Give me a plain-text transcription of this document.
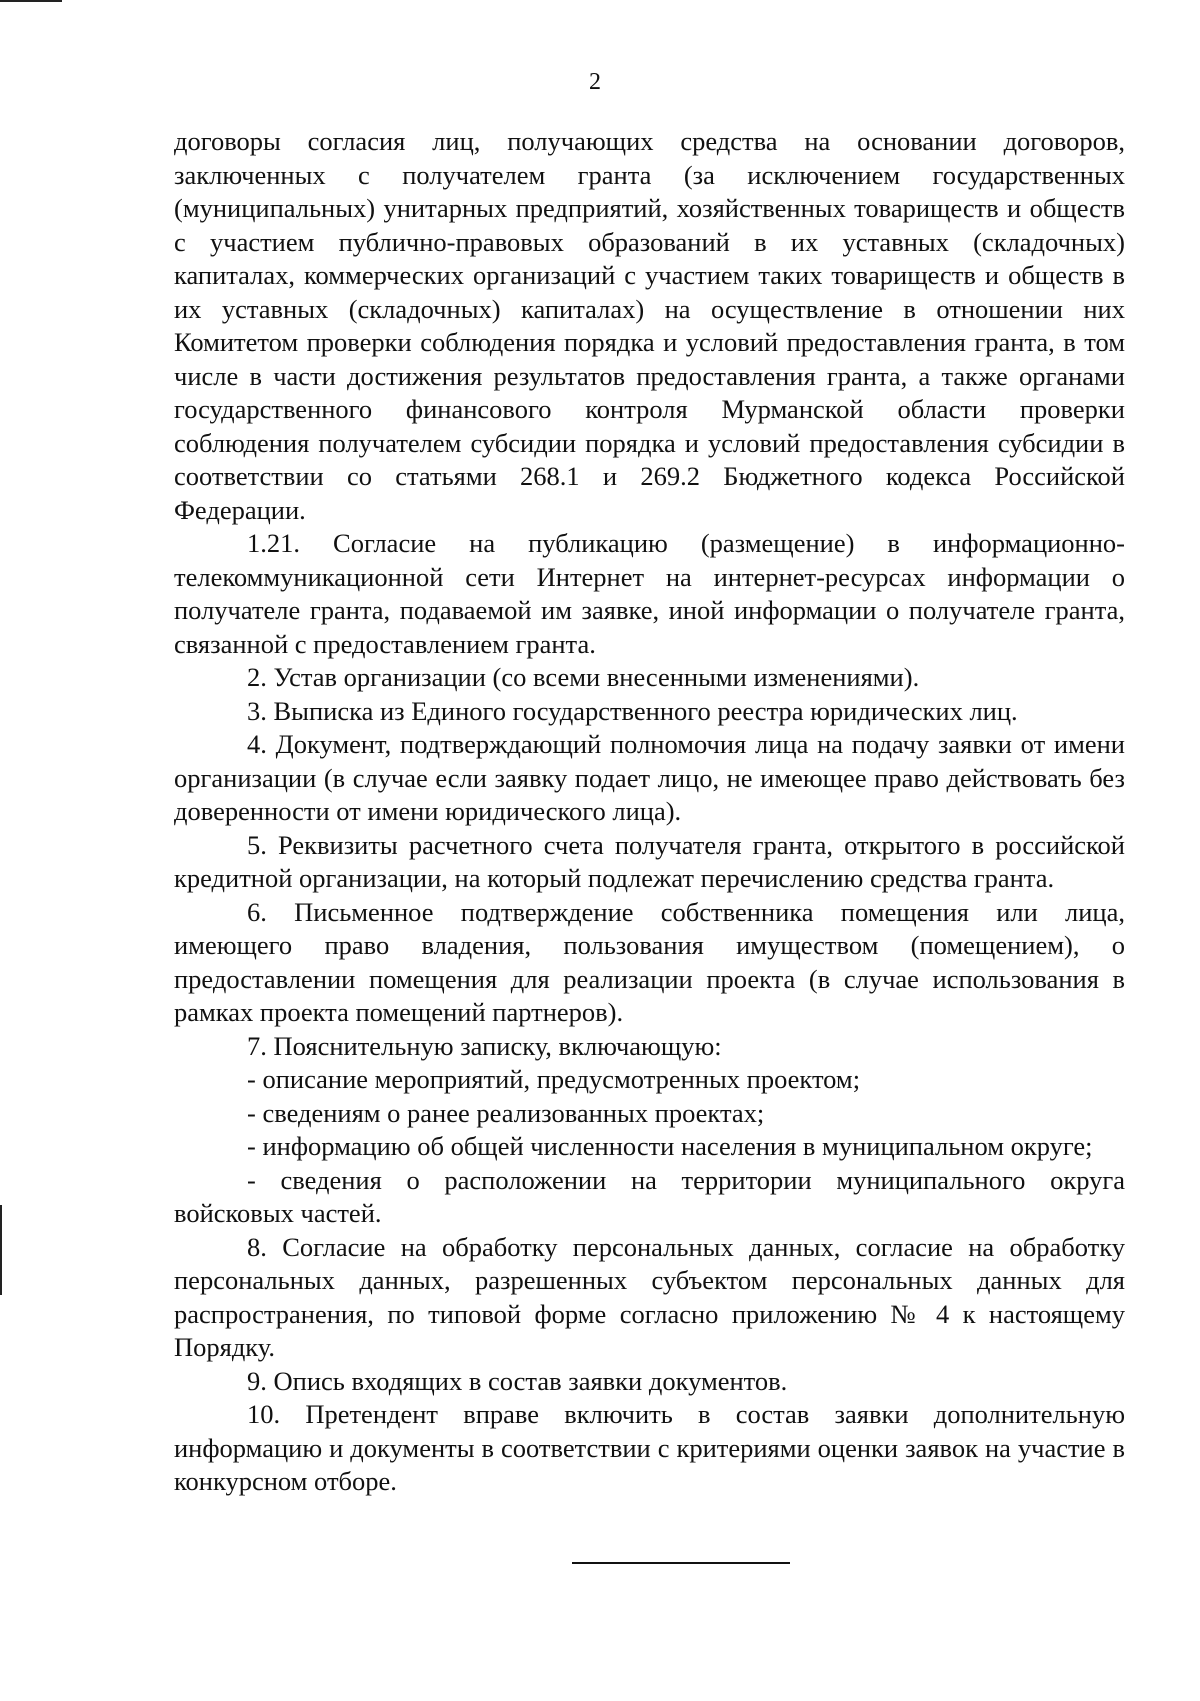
2

договоры согласия лиц, получающих средства на основании договоров, заключенных с получателем гранта (за исключением государственных (муниципальных) унитарных предприятий, хозяйственных товариществ и обществ с участием публично-правовых образований в их уставных (складочных) капиталах, коммерческих организаций с участием таких товариществ и обществ в их уставных (складочных) капиталах) на осуществление в отношении них Комитетом проверки соблюдения порядка и условий предоставления гранта, в том числе в части достижения результатов предоставления гранта, а также органами государственного финансового контроля Мурманской области проверки соблюдения получателем субсидии порядка и условий предоставления субсидии в соответствии со статьями 268.1 и 269.2 Бюджетного кодекса Российской Федерации.

1.21. Согласие на публикацию (размещение) в информационно-телекоммуникационной сети Интернет на интернет-ресурсах информации о получателе гранта, подаваемой им заявке, иной информации о получателе гранта, связанной с предоставлением гранта.

2. Устав организации (со всеми внесенными изменениями).

3. Выписка из Единого государственного реестра юридических лиц.

4. Документ, подтверждающий полномочия лица на подачу заявки от имени организации (в случае если заявку подает лицо, не имеющее право действовать без доверенности от имени юридического лица).

5. Реквизиты расчетного счета получателя гранта, открытого в российской кредитной организации, на который подлежат перечислению средства гранта.

6. Письменное подтверждение собственника помещения или лица, имеющего право владения, пользования имуществом (помещением), о предоставлении помещения для реализации проекта (в случае использования в рамках проекта помещений партнеров).

7. Пояснительную записку, включающую:

- описание мероприятий, предусмотренных проектом;

- сведениям о ранее реализованных проектах;

- информацию об общей численности населения в муниципальном округе;

- сведения о расположении на территории муниципального округа войсковых частей.

8. Согласие на обработку персональных данных, согласие на обработку персональных данных, разрешенных субъектом персональных данных для распространения, по типовой форме согласно приложению № 4 к настоящему Порядку.

9. Опись входящих в состав заявки документов.

10. Претендент вправе включить в состав заявки дополнительную информацию и документы в соответствии с критериями оценки заявок на участие в конкурсном отборе.
